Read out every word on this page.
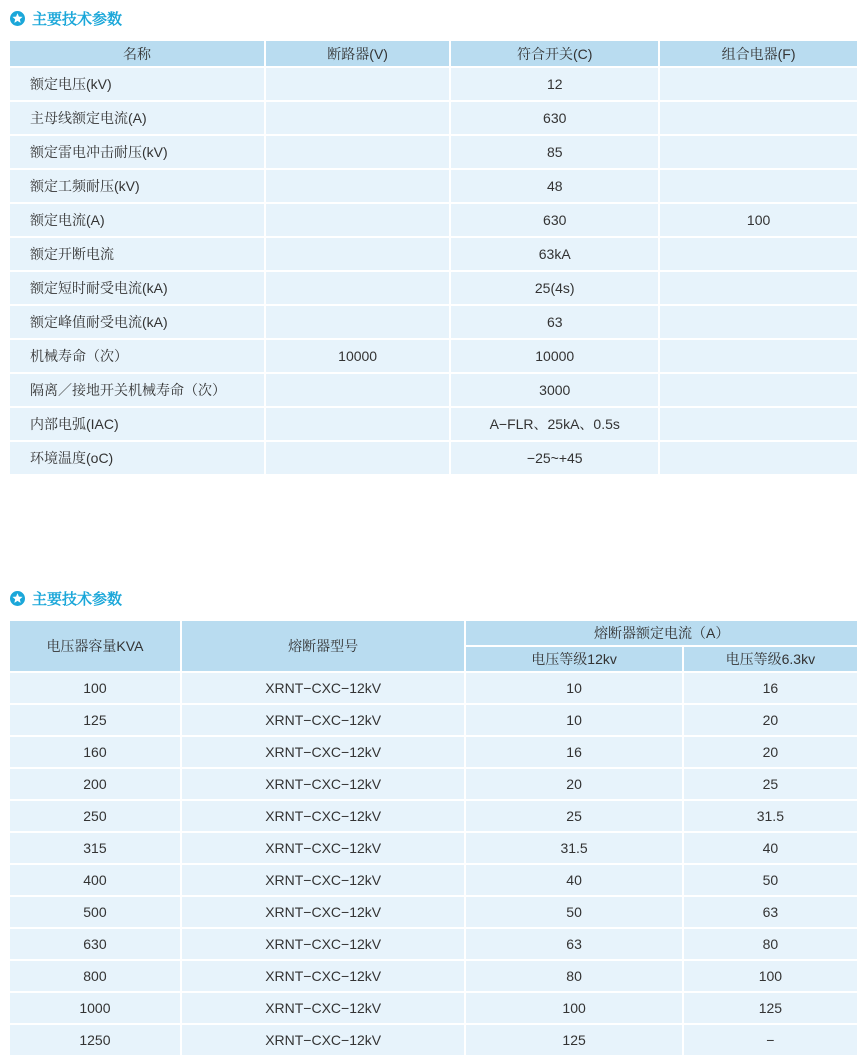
主要技术参数
名称	断路器(V)	符合开关(C)	组合电器(F)
额定电压(kV)		12	
主母线额定电流(A)		630	
额定雷电冲击耐压(kV)		85	
额定工频耐压(kV)		48	
额定电流(A)		630	100
额定开断电流		63kA	
额定短时耐受电流(kA)		25(4s)	
额定峰值耐受电流(kA)		63	
机械寿命（次）	10000	10000	
隔离／接地开关机械寿命（次）		3000	
内部电弧(IAC)		A−FLR、25kA、0.5s	
环境温度(oC)		−25~+45	
主要技术参数
电压器容量KVA	熔断器型号	熔断器额定电流（A）	
		电压等级12kv	电压等级6.3kv
100	XRNT−CXC−12kV	10	16
125	XRNT−CXC−12kV	10	20
160	XRNT−CXC−12kV	16	20
200	XRNT−CXC−12kV	20	25
250	XRNT−CXC−12kV	25	31.5
315	XRNT−CXC−12kV	31.5	40
400	XRNT−CXC−12kV	40	50
500	XRNT−CXC−12kV	50	63
630	XRNT−CXC−12kV	63	80
800	XRNT−CXC−12kV	80	100
1000	XRNT−CXC−12kV	100	125
1250	XRNT−CXC−12kV	125	−
